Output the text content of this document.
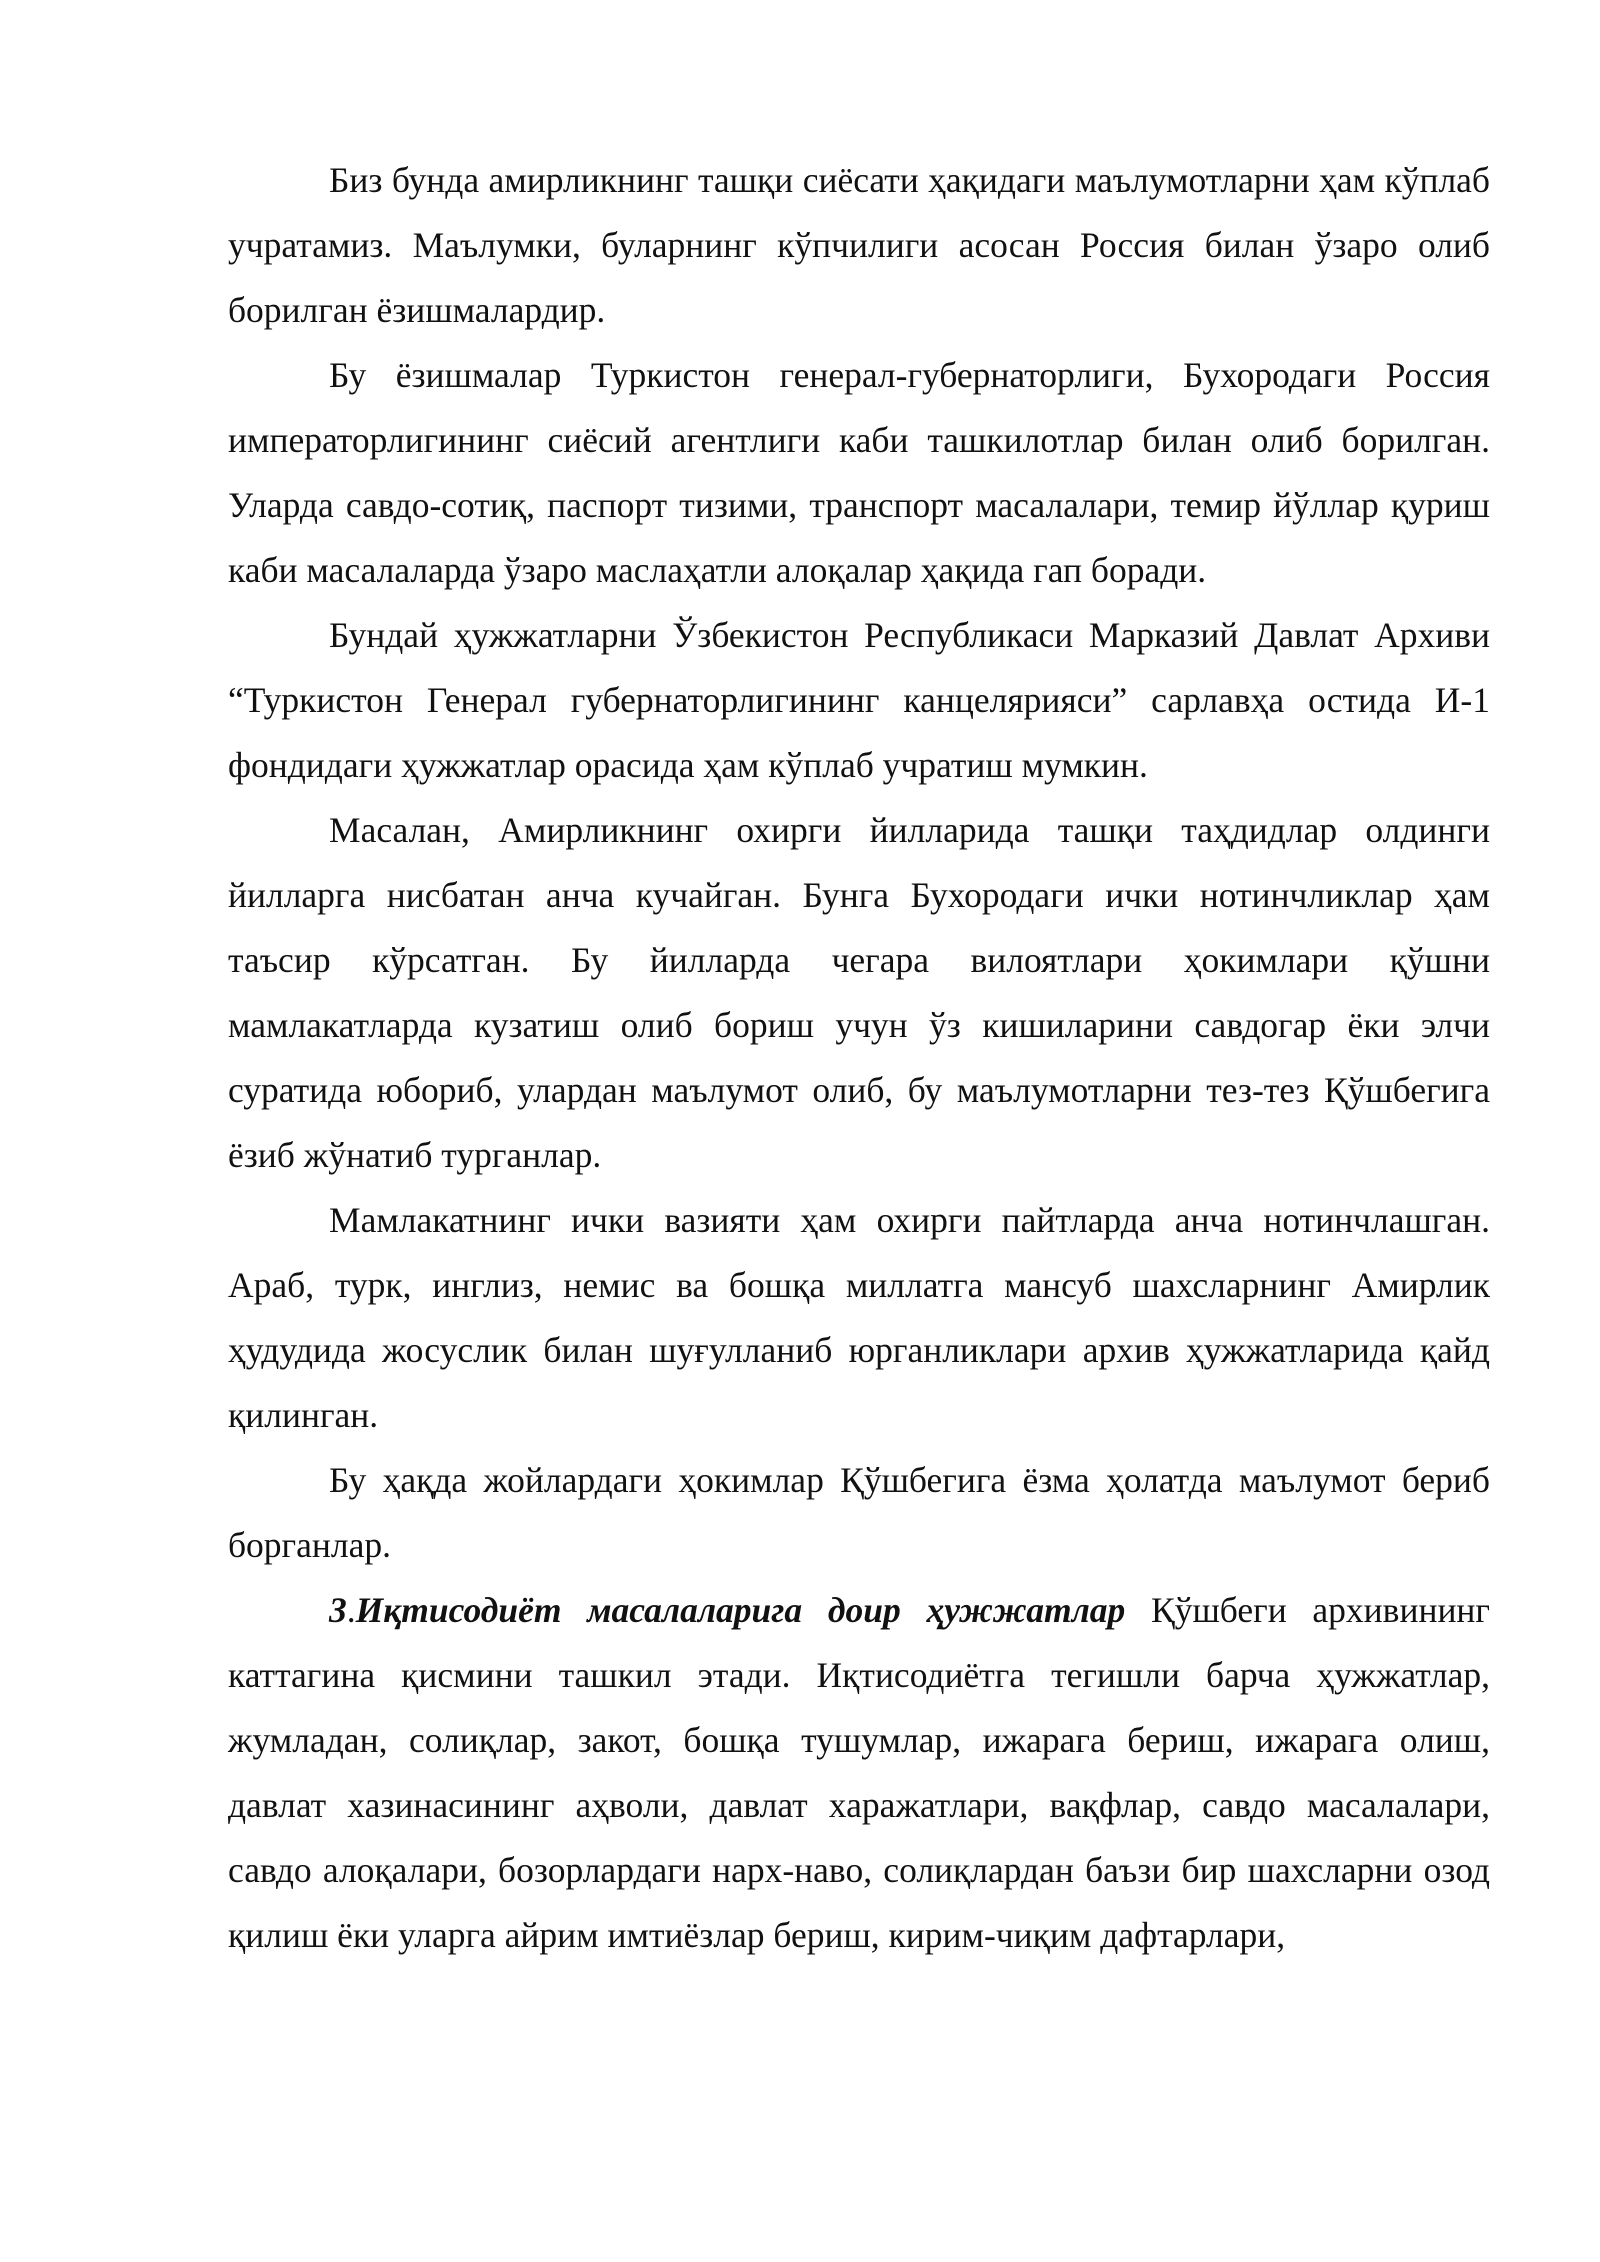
Биз бунда амирликнинг ташқи сиёсати ҳақидаги маълумотларни ҳам кўплаб учратамиз. Маълумки, буларнинг кўпчилиги асосан Россия билан ўзаро олиб борилган ёзишмалардир.

Бу ёзишмалар Туркистон генерал-губернаторлиги, Бухородаги Россия императорлигининг сиёсий агентлиги каби ташкилотлар билан олиб борилган. Уларда савдо-сотиқ, паспорт тизими, транспорт масалалари, темир йўллар қуриш каби масалаларда ўзаро маслаҳатли алоқалар ҳақида гап боради.

Бундай ҳужжатларни Ўзбекистон Республикаси Марказий Давлат Архиви “Туркистон Генерал губернаторлигининг канцелярияси” сарлавҳа остида И-1 фондидаги ҳужжатлар орасида ҳам кўплаб учратиш мумкин.

Масалан, Амирликнинг охирги йилларида ташқи таҳдидлар олдинги йилларга нисбатан анча кучайган. Бунга Бухородаги ички нотинчликлар ҳам таъсир кўрсатган. Бу йилларда чегара вилоятлари ҳокимлари қўшни мамлакатларда кузатиш олиб бориш учун ўз кишиларини савдогар ёки элчи суратида юбориб, улардан маълумот олиб, бу маълумотларни тез-тез Қўшбегига ёзиб жўнатиб турганлар.

Мамлакатнинг ички вазияти ҳам охирги пайтларда анча нотинчлашган. Араб, турк, инглиз, немис ва бошқа миллатга мансуб шахсларнинг Амирлик ҳудудида жосуслик билан шуғулланиб юрганликлари архив ҳужжатларида қайд қилинган.

Бу ҳақда жойлардаги ҳокимлар Қўшбегига ёзма ҳолатда маълумот бериб борганлар.

3.Иқтисодиёт масалаларига доир ҳужжатлар Қўшбеги архивининг каттагина қисмини ташкил этади. Иқтисодиётга тегишли барча ҳужжатлар, жумладан, солиқлар, закот, бошқа тушумлар, ижарага бериш, ижарага олиш, давлат хазинасининг аҳволи, давлат харажатлари, вақфлар, савдо масалалари, савдо алоқалари, бозорлардаги нарх-наво, солиқлардан баъзи бир шахсларни озод қилиш ёки уларга айрим имтиёзлар бериш, кирим-чиқим дафтарлари,
